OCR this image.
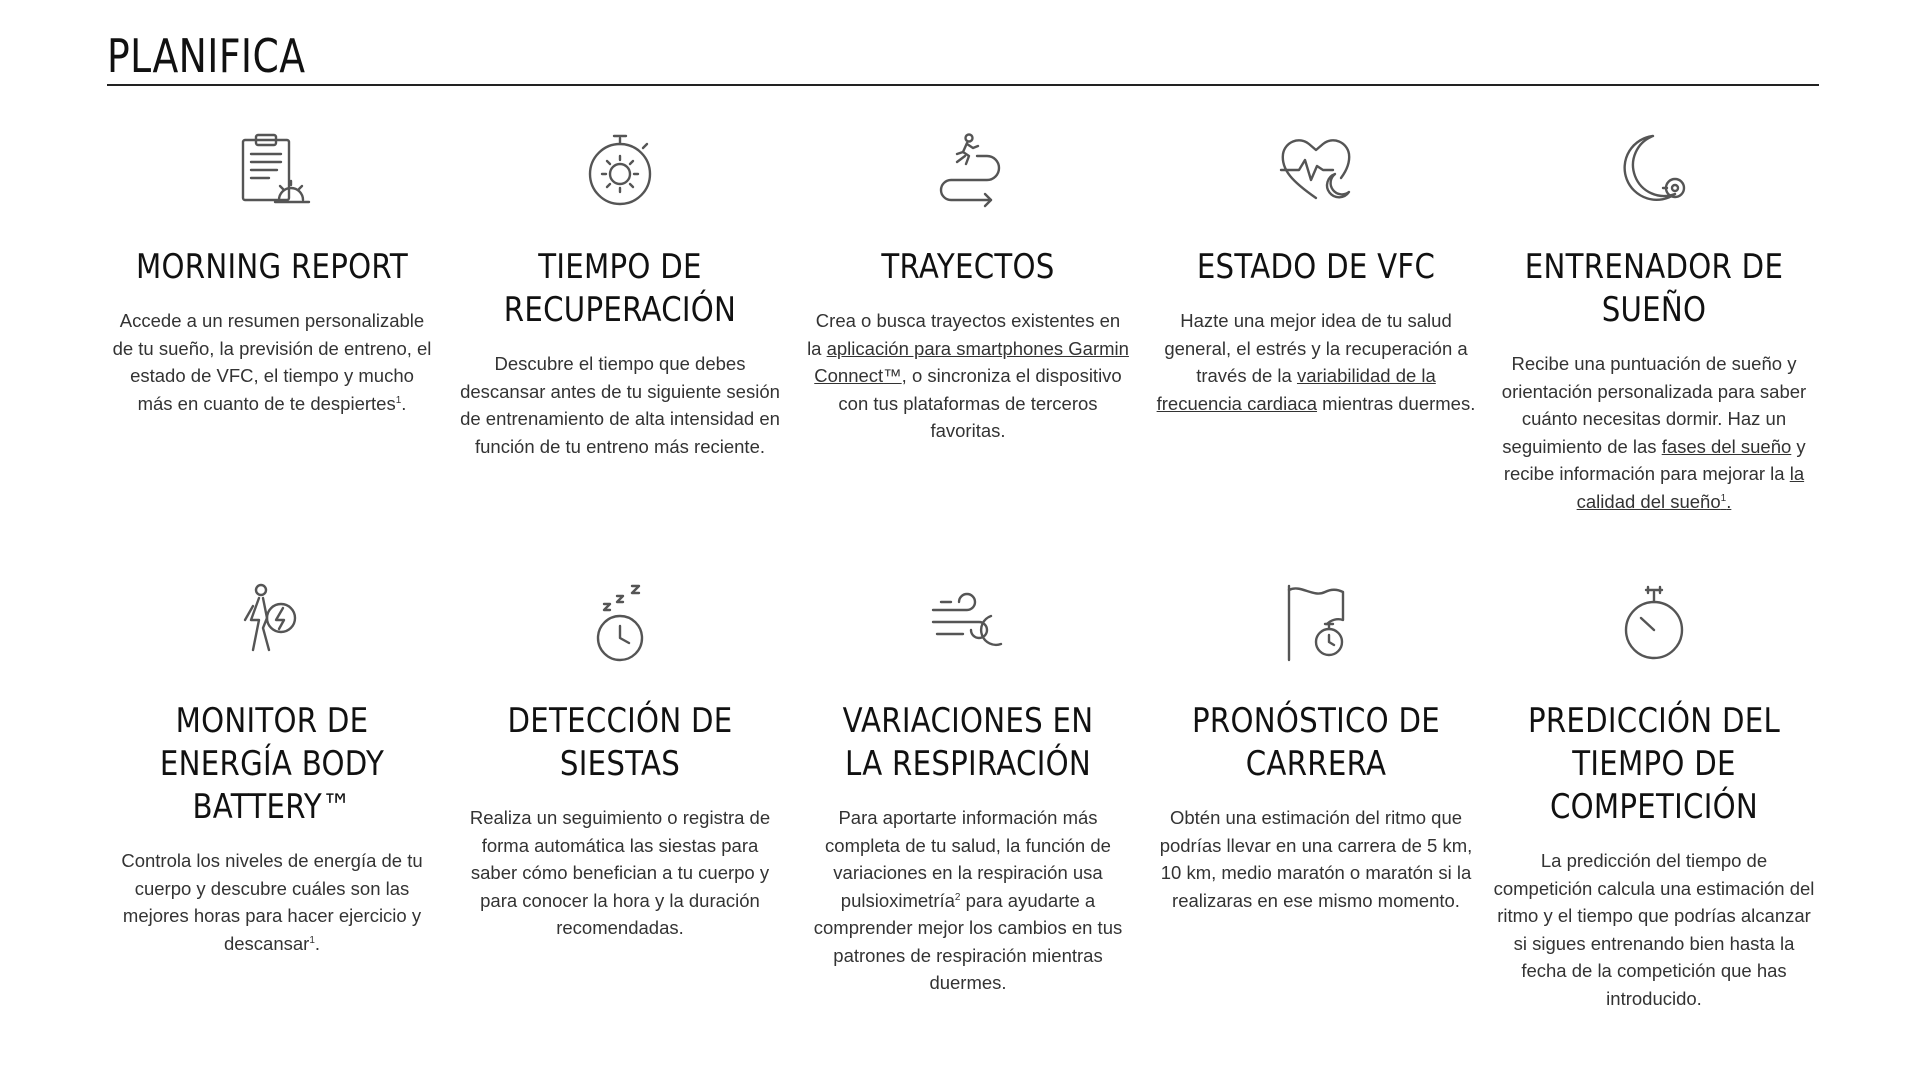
PLANIFICA
MORNING REPORT

Accede a un resumen personalizable de tu sueño, la previsión de entreno, el estado de VFC, el tiempo y mucho más en cuanto de te despiertes$^1$.

TIEMPO DE RECUPERACIÓN

Descubre el tiempo que debes descansar antes de tu siguiente sesión de entrenamiento de alta intensidad en función de tu entreno más reciente.

TRAYECTOS

Crea o busca trayectos existentes en la aplicación para smartphones Garmin Connect™, o sincroniza el dispositivo con tus plataformas de terceros favoritas.

ESTADO DE VFC

Hazte una mejor idea de tu salud general, el estrés y la recuperación a través de la variabilidad de la frecuencia cardiaca mientras duermes.

ENTRENADOR DE SUEÑO

Recibe una puntuación de sueño y orientación personalizada para saber cuánto necesitas dormir. Haz un seguimiento de las fases del sueño y recibe información para mejorar la la calidad del sueño$^1$.

MONITOR DE ENERGÍA BODY BATTERY™

Controla los niveles de energía de tu cuerpo y descubre cuáles son las mejores horas para hacer ejercicio y descansar$^1$.

DETECCIÓN DE SIESTAS

Realiza un seguimiento o registra de forma automática las siestas para saber cómo benefician a tu cuerpo y para conocer la hora y la duración recomendadas.

VARIACIONES EN LA RESPIRACIÓN

Para aportarte información más completa de tu salud, la función de variaciones en la respiración usa pulsioximetría$^2$ para ayudarte a comprender mejor los cambios en tus patrones de respiración mientras duermes.

PRONÓSTICO DE CARRERA

Obtén una estimación del ritmo que podrías llevar en una carrera de 5 km, 10 km, medio maratón o maratón si la realizaras en ese mismo momento.

PREDICCIÓN DEL TIEMPO DE COMPETICIÓN

La predicción del tiempo de competición calcula una estimación del ritmo y el tiempo que podrías alcanzar si sigues entrenando bien hasta la fecha de la competición que has introducido.
